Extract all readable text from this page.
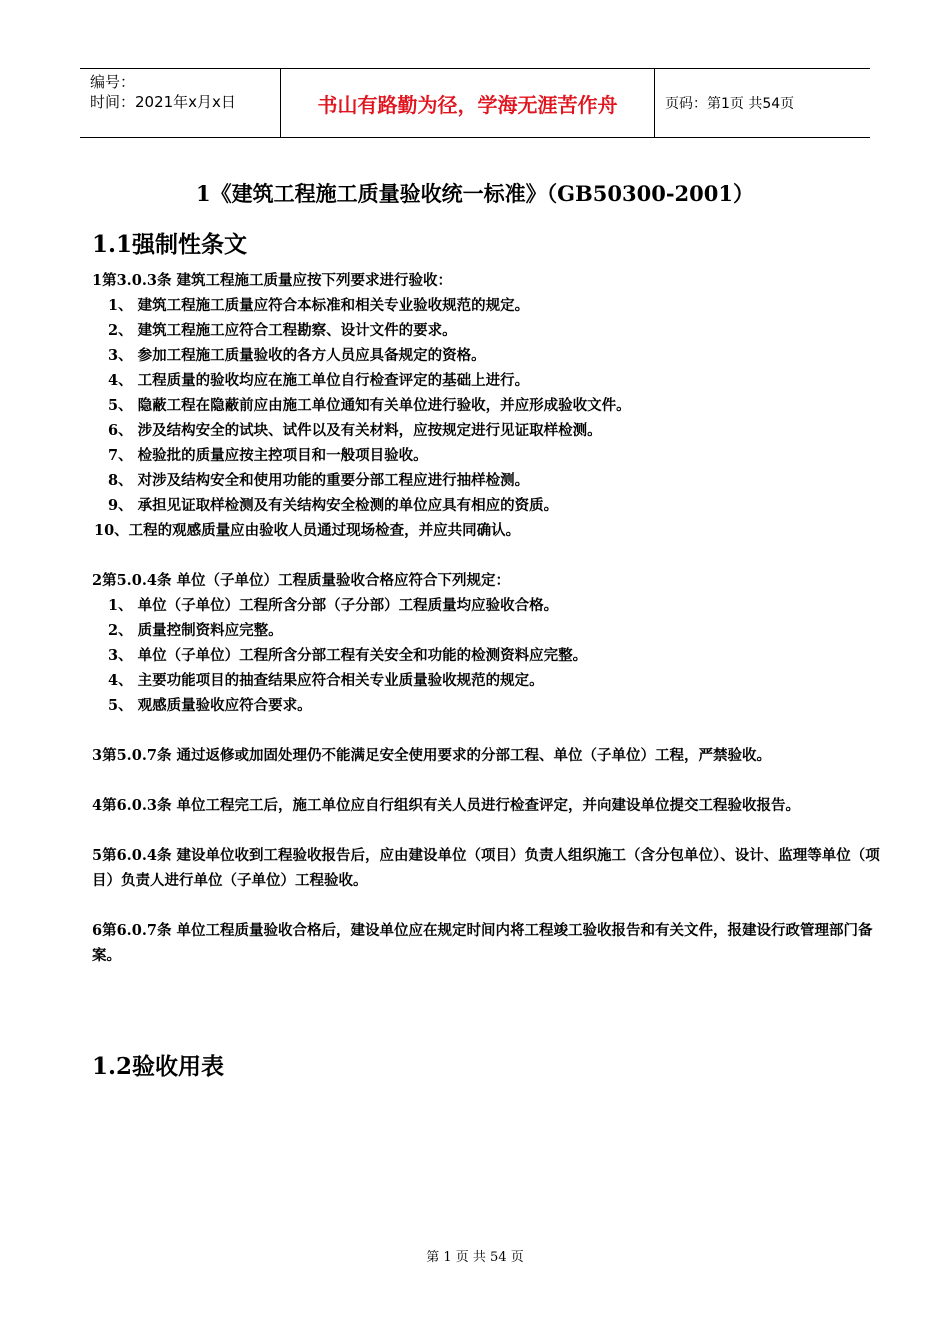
编号：
时间：2021年x月x日	书山有路勤为径，学海无涯苦作舟	页码：第1页 共54页
1《建筑工程施工质量验收统一标准》（GB50300-2001）
1.1强制性条文

1第3.0.3条 建筑工程施工质量应按下列要求进行验收：

1、 建筑工程施工质量应符合本标准和相关专业验收规范的规定。

2、 建筑工程施工应符合工程勘察、设计文件的要求。

3、 参加工程施工质量验收的各方人员应具备规定的资格。

4、 工程质量的验收均应在施工单位自行检查评定的基础上进行。

5、 隐蔽工程在隐蔽前应由施工单位通知有关单位进行验收，并应形成验收文件。

6、 涉及结构安全的试块、试件以及有关材料，应按规定进行见证取样检测。

7、 检验批的质量应按主控项目和一般项目验收。

8、 对涉及结构安全和使用功能的重要分部工程应进行抽样检测。

9、 承担见证取样检测及有关结构安全检测的单位应具有相应的资质。

10、工程的观感质量应由验收人员通过现场检查，并应共同确认。

2第5.0.4条 单位（子单位）工程质量验收合格应符合下列规定：

1、 单位（子单位）工程所含分部（子分部）工程质量均应验收合格。

2、 质量控制资料应完整。

3、 单位（子单位）工程所含分部工程有关安全和功能的检测资料应完整。

4、 主要功能项目的抽查结果应符合相关专业质量验收规范的规定。

5、 观感质量验收应符合要求。

3第5.0.7条 通过返修或加固处理仍不能满足安全使用要求的分部工程、单位（子单位）工程，严禁验收。

4第6.0.3条 单位工程完工后，施工单位应自行组织有关人员进行检查评定，并向建设单位提交工程验收报告。

5第6.0.4条 建设单位收到工程验收报告后，应由建设单位（项目）负责人组织施工（含分包单位）、设计、监理等单位（项目）负责人进行单位（子单位）工程验收。

6第6.0.7条 单位工程质量验收合格后，建设单位应在规定时间内将工程竣工验收报告和有关文件，报建设行政管理部门备案。

1.2验收用表
第 1 页 共 54 页
